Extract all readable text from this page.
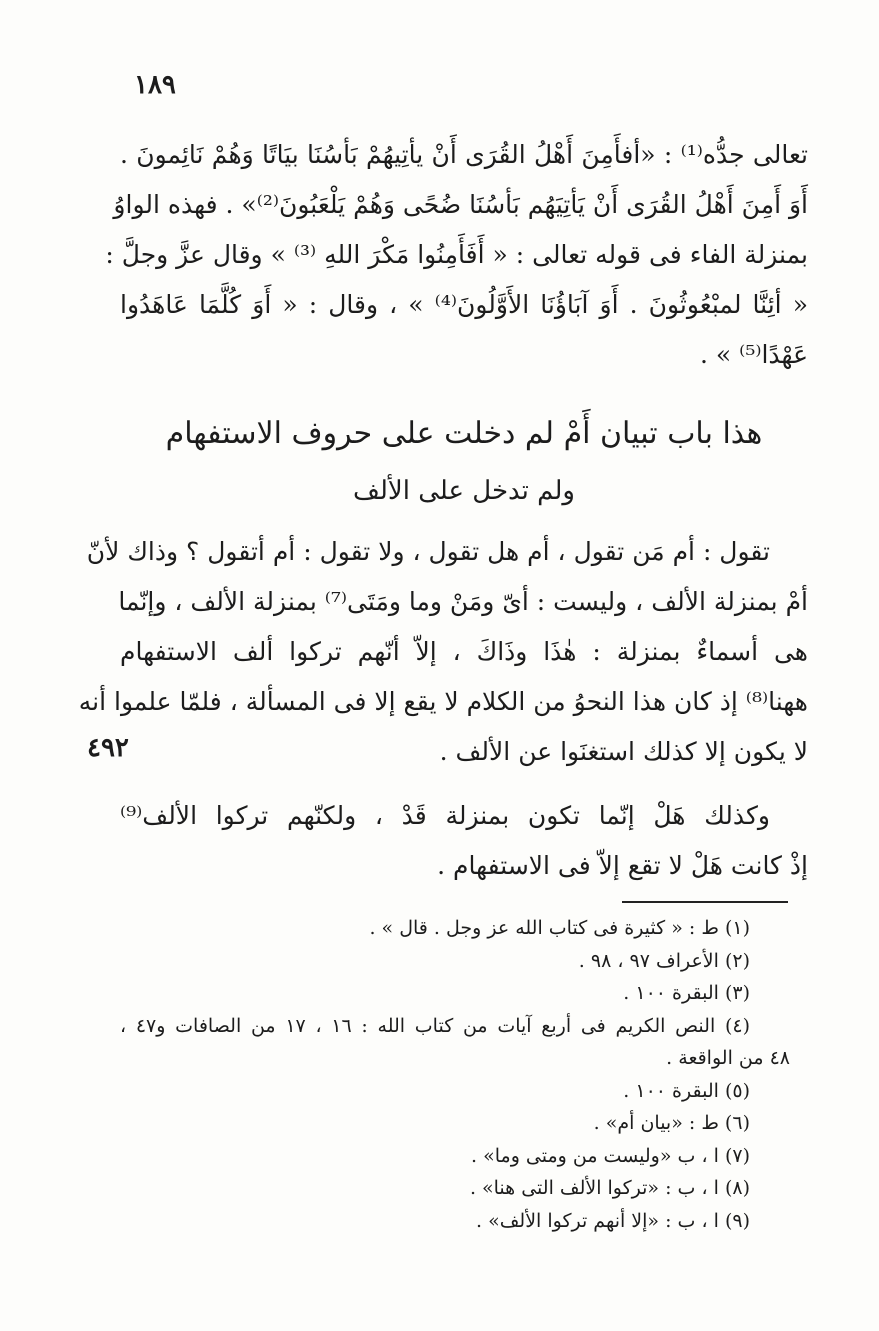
١٨٩
٤٩٢
تعالى جدُّه⁽¹⁾ : «أفأَمِنَ أَهْلُ القُرَى أَنْ يأتِيهُمْ بَأسُنَا بيَاتًا وَهُمْ نَائِمونَ .
أَوَ أَمِنَ أَهْلُ القُرَى أَنْ يَأتِيَهُم بَأسُنَا ضُحًى وَهُمْ يَلْعَبُونَ⁽²⁾» . فهذه الواوُ
بمنزلة الفاء فى قوله تعالى : « أَفَأَمِنُوا مَكْرَ اللهِ ⁽³⁾ » وقال عزَّ وجلَّ :
« أئِنَّا لمبْعُوثُونَ . أَوَ آبَاؤُنَا الأَوَّلُونَ⁽⁴⁾ » ، وقال : « أَوَ كُلَّمَا عَاهَدُوا
عَهْدًا⁽⁵⁾ » .
هذا باب تبيان أَمْ لم دخلت على حروف الاستفهام
ولم تدخل على الألف
تقول : أم مَن تقول ، أم هل تقول ، ولا تقول : أم أتقول ؟ وذاك لأنّ
أمْ بمنزلة الألف ، وليست : أىّ ومَنْ وما ومَتَى⁽⁷⁾ بمنزلة الألف ، وإنّما
هى أسماءٌ بمنزلة : هٰذَا وذَاكَ ، إلاّ أنّهم تركوا ألف الاستفهام
ههنا⁽⁸⁾ إذ كان هذا النحوُ من الكلام لا يقع إلا فى المسألة ، فلمّا علموا أنه
لا يكون إلا كذلك استغنَوا عن الألف .
وكذلك هَلْ إنّما تكون بمنزلة قَدْ ، ولكنّهم تركوا الألف⁽⁹⁾
إذْ كانت هَلْ لا تقع إلاّ فى الاستفهام .
(١) ط : « كثيرة فى كتاب الله عز وجل . قال » .
(٢) الأعراف ٩٧ ، ٩٨ .
(٣) البقرة ١٠٠ .
(٤) النص الكريم فى أربع آيات من كتاب الله : ١٦ ، ١٧ من الصافات و٤٧ ،
٤٨ من الواقعة .
(٥) البقرة ١٠٠ .
(٦) ط : «بيان أم» .
(٧) ا ، ب «وليست من ومتى وما» .
(٨) ا ، ب : «تركوا الألف التى هنا» .
(٩) ا ، ب : «إلا أنهم تركوا الألف» .
